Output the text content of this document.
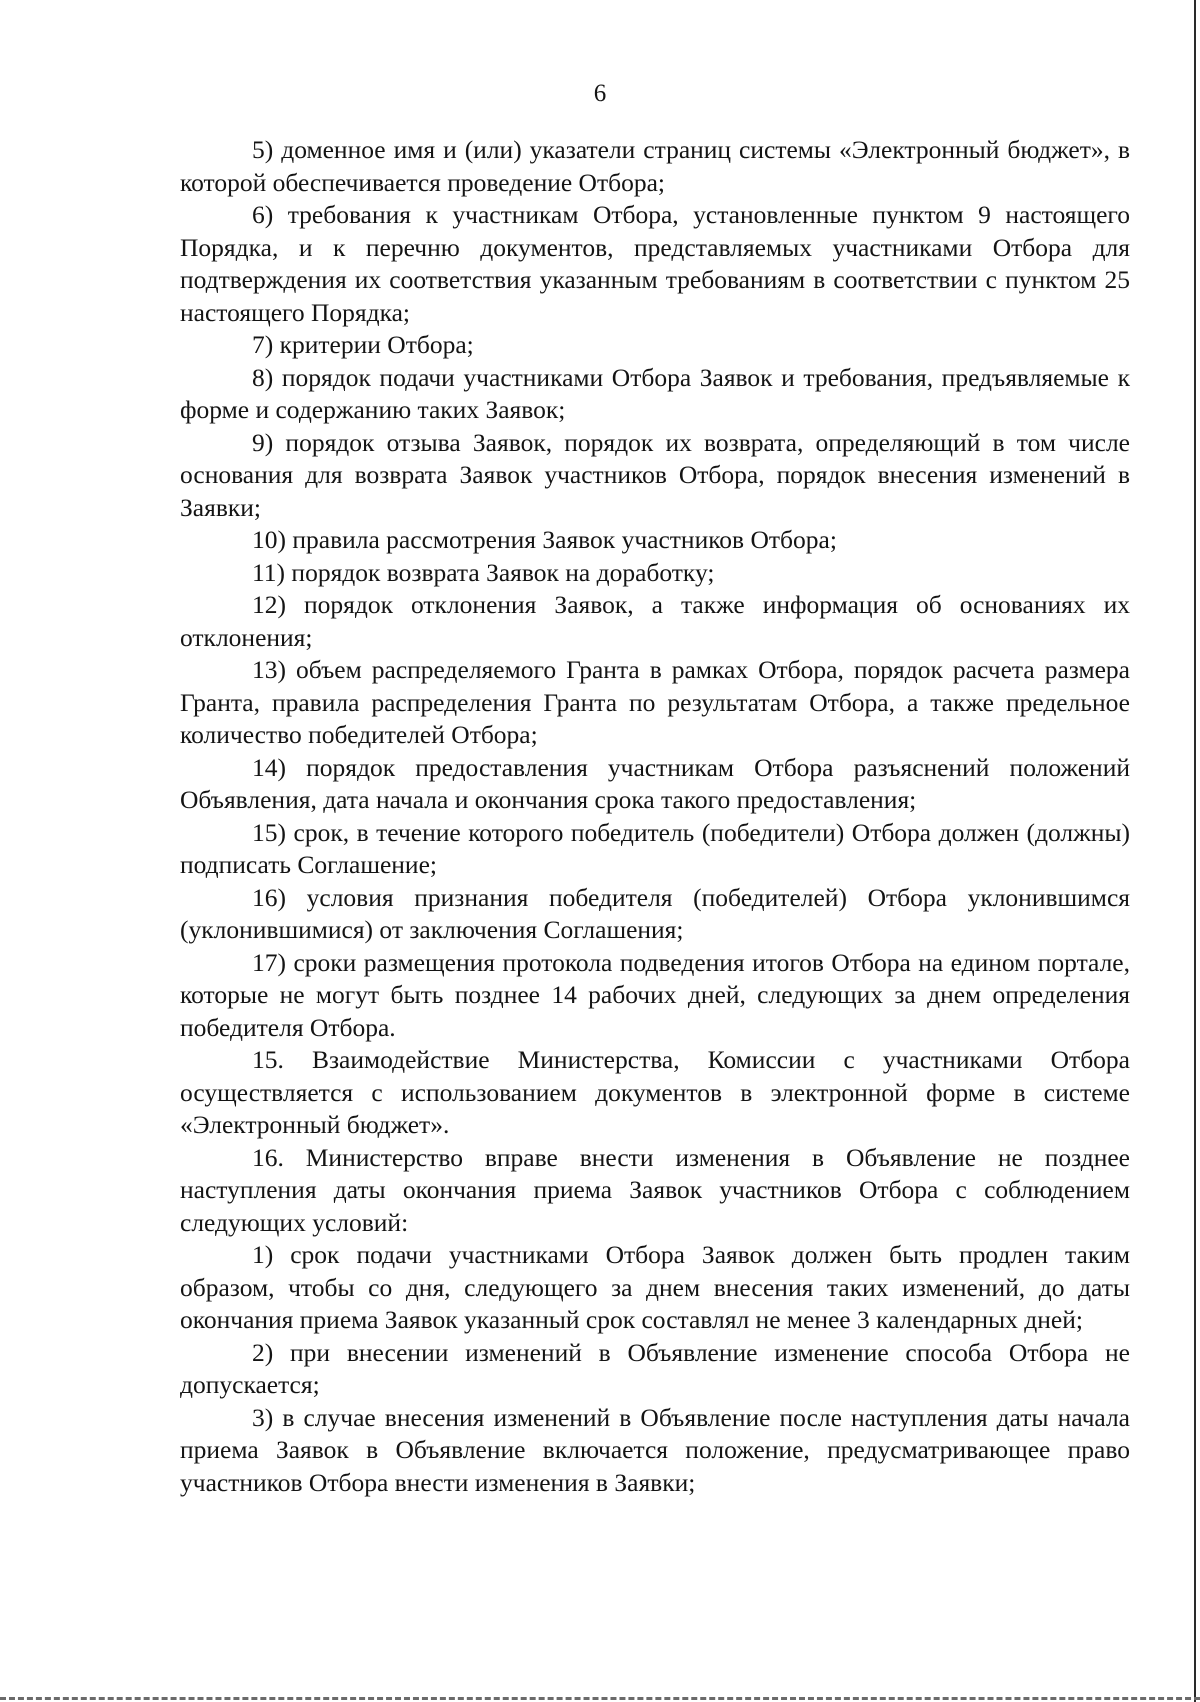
6

5) доменное имя и (или) указатели страниц системы «Электронный бюджет», в которой обеспечивается проведение Отбора;

6) требования к участникам Отбора, установленные пунктом 9 настоящего Порядка, и к перечню документов, представляемых участниками Отбора для подтверждения их соответствия указанным требованиям в соответствии с пунктом 25 настоящего Порядка;

7) критерии Отбора;

8) порядок подачи участниками Отбора Заявок и требования, предъявляемые к форме и содержанию таких Заявок;

9) порядок отзыва Заявок, порядок их возврата, определяющий в том числе основания для возврата Заявок участников Отбора, порядок внесения изменений в Заявки;

10) правила рассмотрения Заявок участников Отбора;

11) порядок возврата Заявок на доработку;

12) порядок отклонения Заявок, а также информация об основаниях их отклонения;

13) объем распределяемого Гранта в рамках Отбора, порядок расчета размера Гранта, правила распределения Гранта по результатам Отбора, а также предельное количество победителей Отбора;

14) порядок предоставления участникам Отбора разъяснений положений Объявления, дата начала и окончания срока такого предоставления;

15) срок, в течение которого победитель (победители) Отбора должен (должны) подписать Соглашение;

16) условия признания победителя (победителей) Отбора уклонившимся (уклонившимися) от заключения Соглашения;

17) сроки размещения протокола подведения итогов Отбора на едином портале, которые не могут быть позднее 14 рабочих дней, следующих за днем определения победителя Отбора.

15. Взаимодействие Министерства, Комиссии с участниками Отбора осуществляется с использованием документов в электронной форме в системе «Электронный бюджет».

16. Министерство вправе внести изменения в Объявление не позднее наступления даты окончания приема Заявок участников Отбора с соблюдением следующих условий:

1) срок подачи участниками Отбора Заявок должен быть продлен таким образом, чтобы со дня, следующего за днем внесения таких изменений, до даты окончания приема Заявок указанный срок составлял не менее 3 календарных дней;

2) при внесении изменений в Объявление изменение способа Отбора не допускается;

3) в случае внесения изменений в Объявление после наступления даты начала приема Заявок в Объявление включается положение, предусматривающее право участников Отбора внести изменения в Заявки;
